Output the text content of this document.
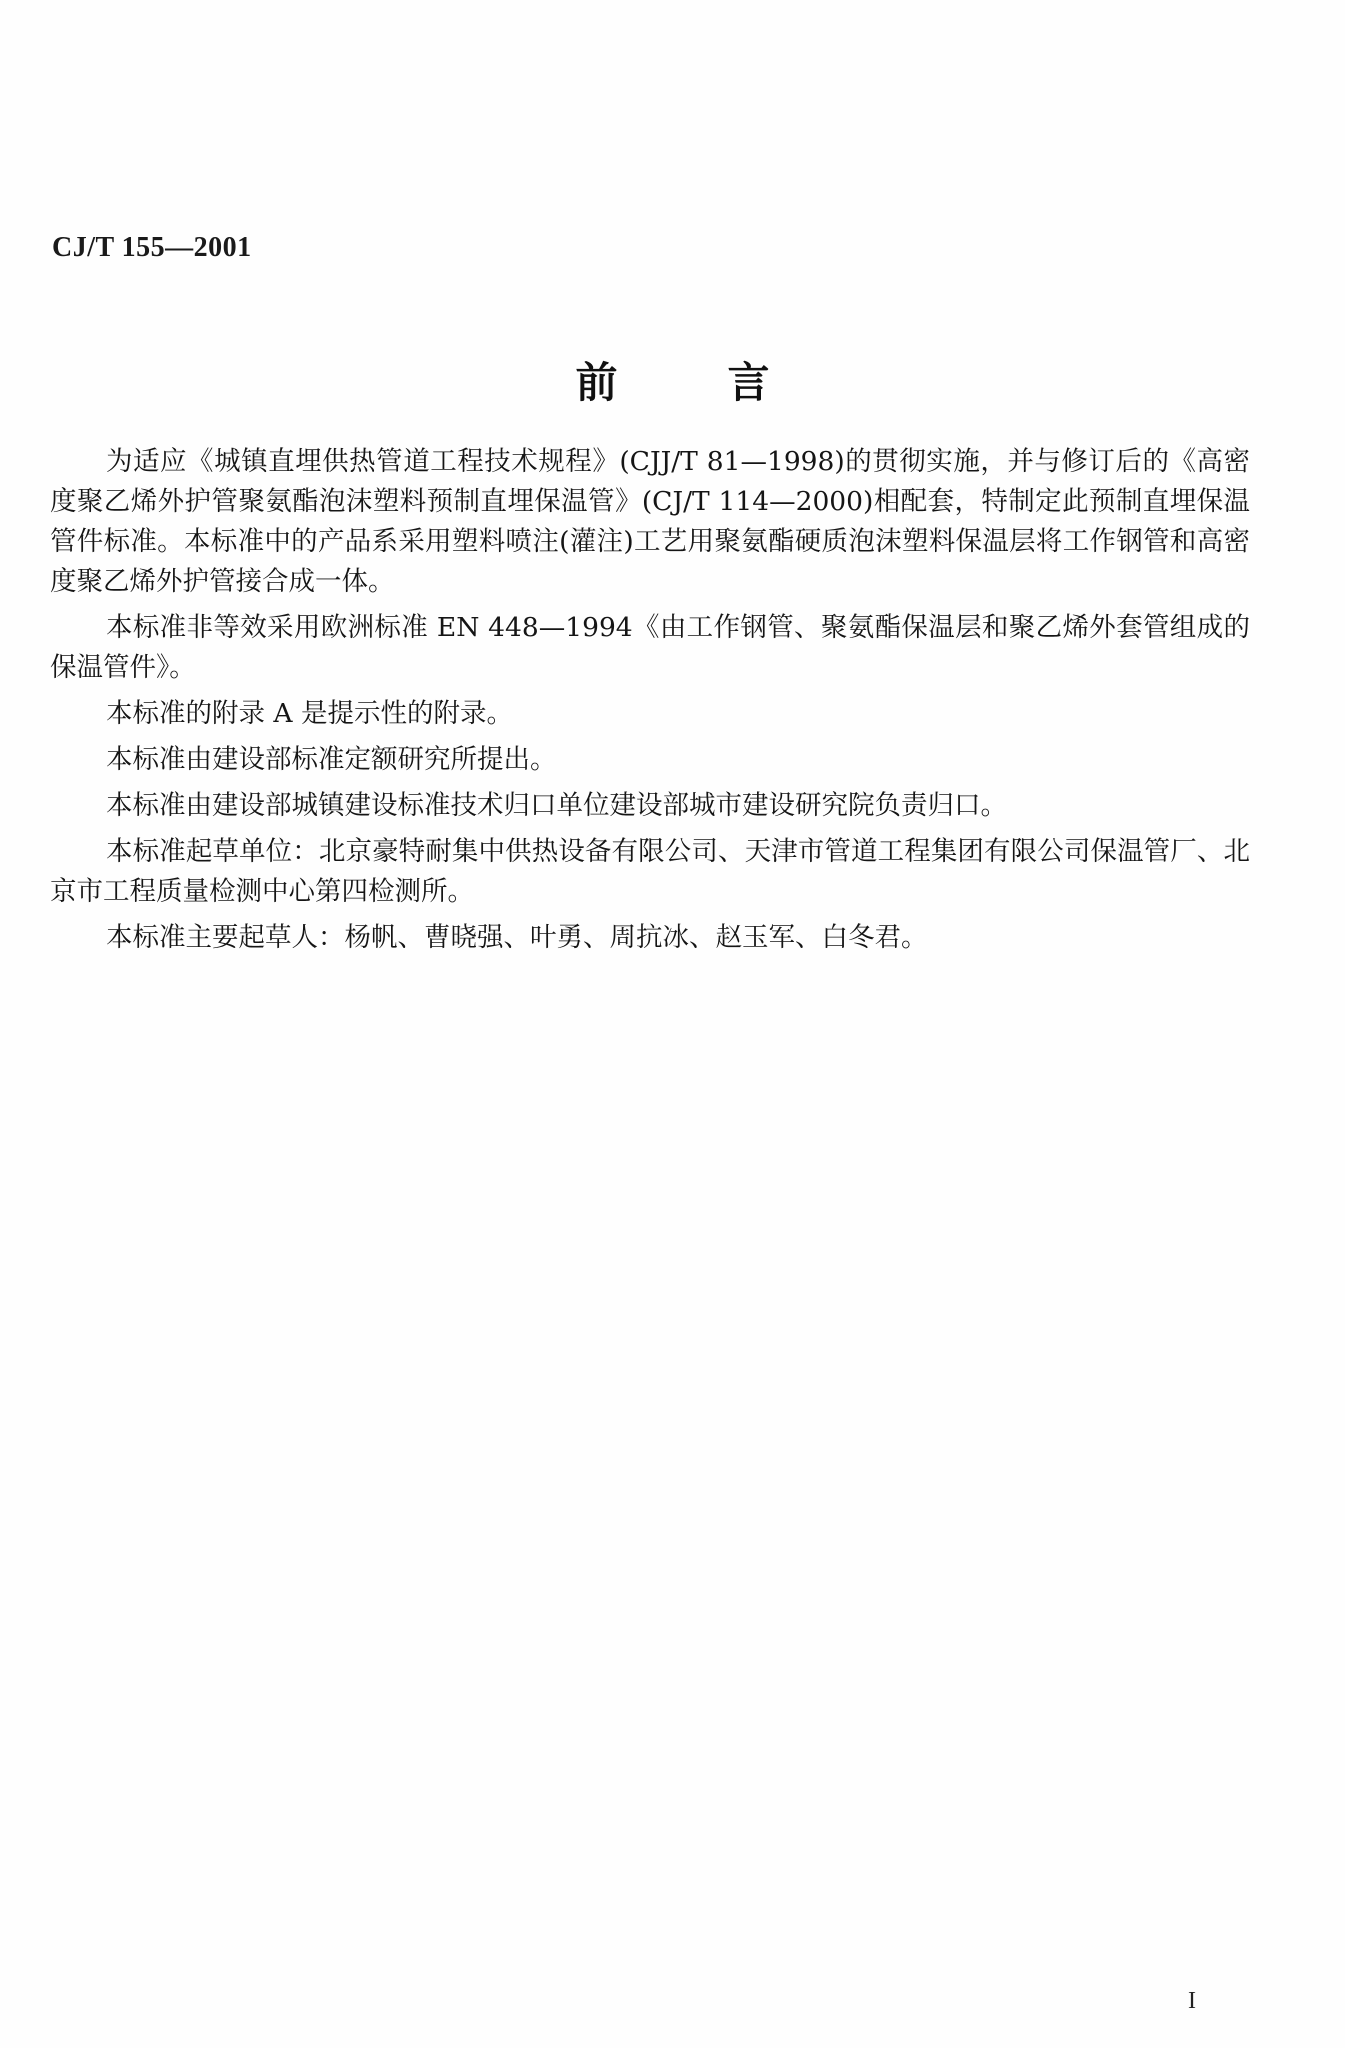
CJ/T 155—2001
前言

为适应《城镇直埋供热管道工程技术规程》(CJJ/T 81—1998)的贯彻实施，并与修订后的《高密度聚乙烯外护管聚氨酯泡沫塑料预制直埋保温管》(CJ/T 114—2000)相配套，特制定此预制直埋保温管件标准。本标准中的产品系采用塑料喷注(灌注)工艺用聚氨酯硬质泡沫塑料保温层将工作钢管和高密度聚乙烯外护管接合成一体。

本标准非等效采用欧洲标准 EN 448—1994《由工作钢管、聚氨酯保温层和聚乙烯外套管组成的保温管件》。

本标准的附录 A 是提示性的附录。

本标准由建设部标准定额研究所提出。

本标准由建设部城镇建设标准技术归口单位建设部城市建设研究院负责归口。

本标准起草单位：北京豪特耐集中供热设备有限公司、天津市管道工程集团有限公司保温管厂、北京市工程质量检测中心第四检测所。

本标准主要起草人：杨帆、曹晓强、叶勇、周抗冰、赵玉军、白冬君。

I
